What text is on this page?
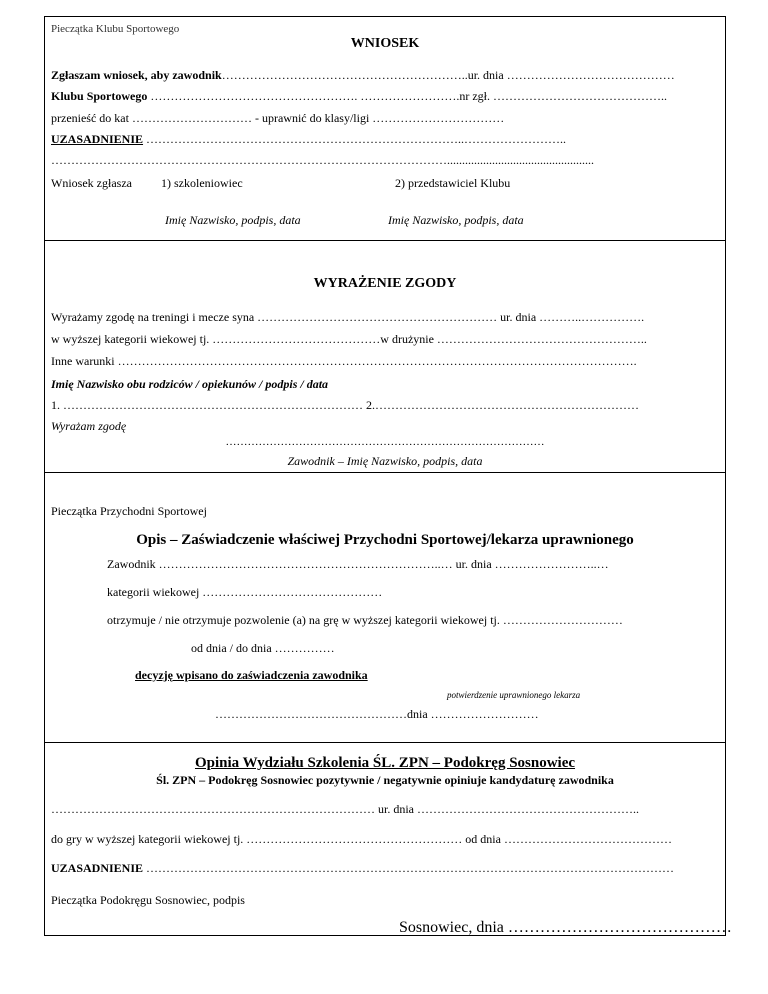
Pieczątka Klubu Sportowego
WNIOSEK
Zgłaszam wniosek, aby zawodnik……………………………………………………..ur. dnia ……………………………………
Klubu Sportowego ……………………………………………. …………………….nr zgł. ……………………………………..
przenieść do kat ………………………… - uprawnić do klasy/ligi ……………………………
UZASADNIENIE ……………………………………………………………………..……………………..
……………………………………………………………………………………….................................................
Wniosek zgłasza 1) szkoleniowiec	2) przedstawiciel Klubu
Imię Nazwisko, podpis, data	Imię Nazwisko, podpis, data
WYRAŻENIE ZGODY
Wyrażamy zgodę na treningi i mecze syna …………………………………………………… ur. dnia ………..…………….
w wyższej kategorii wiekowej tj. ……………………………………w drużynie ……………………………………………..
Inne warunki ………………………………………………………………………………………………………………….
Imię Nazwisko obu rodziców / opiekunów / podpis / data
1. ………………………………………………………………… 2.…………………………………………………………
Wyrażam zgodę
……………………………………………………………………………
Zawodnik – Imię Nazwisko, podpis, data
Pieczątka Przychodni Sportowej
Opis – Zaświadczenie właściwej Przychodni Sportowej/lekarza uprawnionego
Zawodnik ……………………………………………………………..… ur. dnia ……………………..…
kategorii wiekowej ………………………………………
otrzymuje / nie otrzymuje pozwolenie (a) na grę w wyższej kategorii wiekowej tj. …………………………
od dnia / do dnia ……………
decyzję wpisano do zaświadczenia zawodnika
potwierdzenie uprawnionego lekarza
…………………………………………dnia ………………………
Opinia Wydziału Szkolenia ŚL. ZPN – Podokręg Sosnowiec
Śl. ZPN – Podokręg Sosnowiec pozytywnie / negatywnie opiniuje kandydaturę zawodnika
……………………………………………………………………… ur. dnia ………………………………………………..
do gry w wyższej kategorii wiekowej tj. ……………………………………………… od dnia ……………………………………
UZASADNIENIE ……………………………………………………………………………………………………………………
Pieczątka Podokręgu Sosnowiec, podpis
Sosnowiec, dnia ……………………………………
